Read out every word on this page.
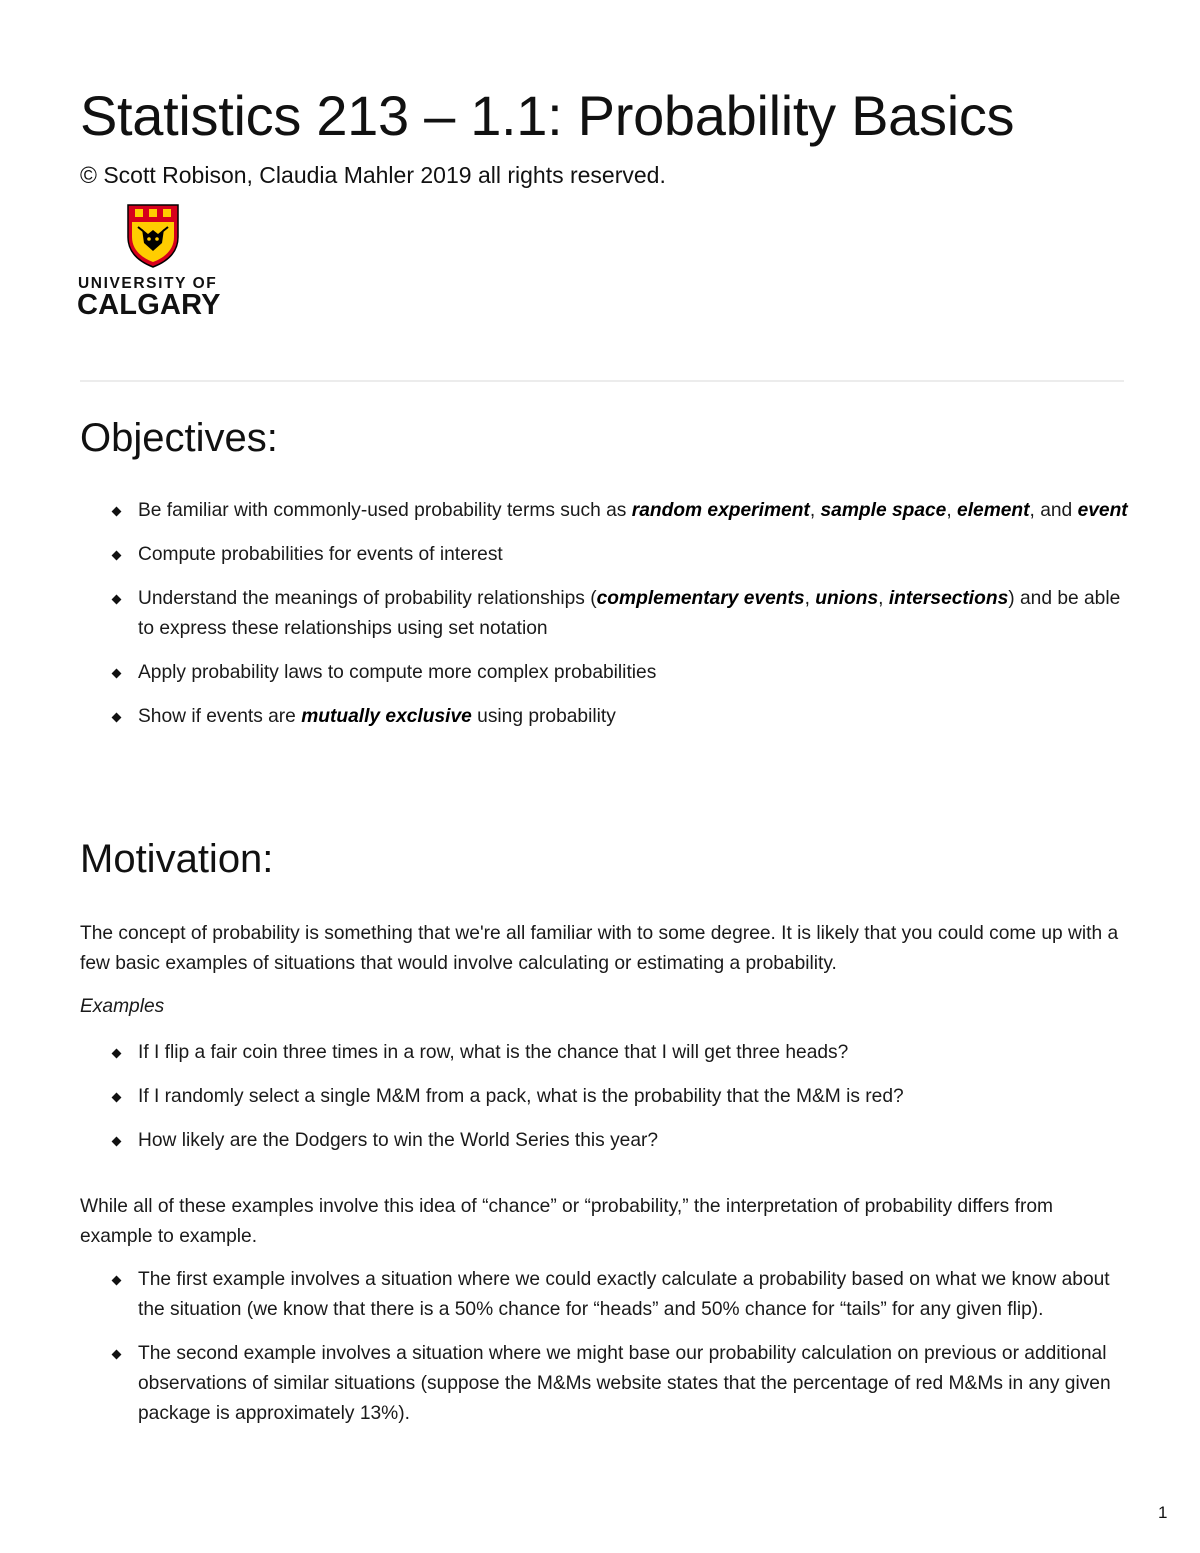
Statistics 213 – 1.1: Probability Basics

© Scott Robison, Claudia Mahler 2019 all rights reserved.

UNIVERSITY OF

CALGARY

Objectives:
Be familiar with commonly-used probability terms such as random experiment, sample space, element, and event
Compute probabilities for events of interest
Understand the meanings of probability relationships (complementary events, unions, intersections) and be able to express these relationships using set notation
Apply probability laws to compute more complex probabilities
Show if events are mutually exclusive using probability
Motivation:

The concept of probability is something that we're all familiar with to some degree. It is likely that you could come up with a few basic examples of situations that would involve calculating or estimating a probability.

Examples

If I flip a fair coin three times in a row, what is the chance that I will get three heads?
If I randomly select a single M&M from a pack, what is the probability that the M&M is red?
How likely are the Dodgers to win the World Series this year?

While all of these examples involve this idea of “chance” or “probability,” the interpretation of probability differs from example to example.

The first example involves a situation where we could exactly calculate a probability based on what we know about the situation (we know that there is a 50% chance for “heads” and 50% chance for “tails” for any given flip).
The second example involves a situation where we might base our probability calculation on previous or additional observations of similar situations (suppose the M&Ms website states that the percentage of red M&Ms in any given package is approximately 13%).
1
